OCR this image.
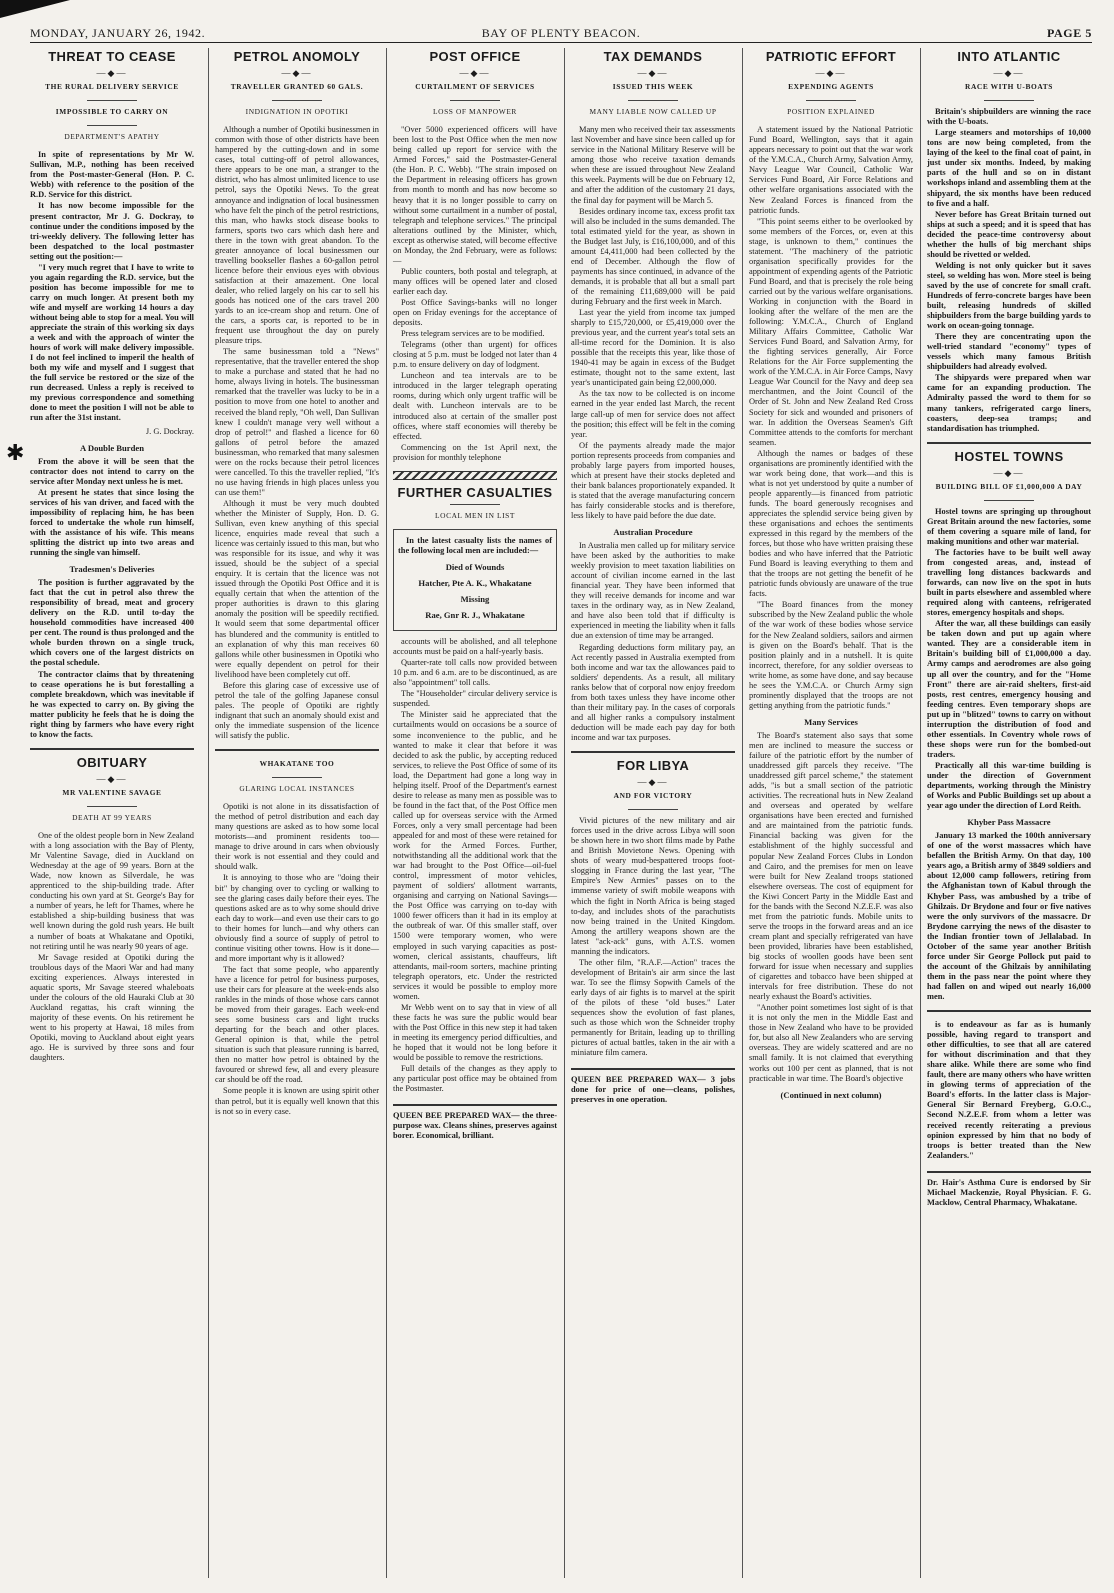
MONDAY, JANUARY 26, 1942.	BAY OF PLENTY BEACON.	PAGE 5
✱
THREAT TO CEASE
—◆—
THE RURAL DELIVERY SERVICE
IMPOSSIBLE TO CARRY ON
DEPARTMENT'S APATHY

In spite of representations by Mr W. Sullivan, M.P., nothing has been received from the Post-master-General (Hon. P. C. Webb) with reference to the position of the R.D. Service for this district.

It has now become impossible for the present contractor, Mr J. G. Dockray, to continue under the conditions imposed by the tri-weekly delivery. The following letter has been despatched to the local postmaster setting out the position:—

"I very much regret that I have to write to you again regarding the R.D. service, but the position has become impossible for me to carry on much longer. At present both my wife and myself are working 14 hours a day without being able to stop for a meal. You will appreciate the strain of this working six days a week and with the approach of winter the hours of work will make delivery impossible. I do not feel inclined to imperil the health of both my wife and myself and I suggest that the full service be restored or the size of the run decreased. Unless a reply is received to my previous correspondence and something done to meet the position I will not be able to run after the 31st instant.

J. G. Dockray.
A Double Burden

From the above it will be seen that the contractor does not intend to carry on the service after Monday next unless he is met.

At present he states that since losing the services of his van driver, and faced with the impossibility of replacing him, he has been forced to undertake the whole run himself, with the assistance of his wife. This means splitting the district up into two areas and running the single van himself.

Tradesmen's Deliveries

The position is further aggravated by the fact that the cut in petrol also threw the responsibility of bread, meat and grocery delivery on the R.D. until to-day the household commodities have increased 400 per cent. The round is thus prolonged and the whole burden thrown on a single truck, which covers one of the largest districts on the postal schedule.

The contractor claims that by threatening to cease operations he is but forestalling a complete breakdown, which was inevitable if he was expected to carry on. By giving the matter publicity he feels that he is doing the right thing by farmers who have every right to know the facts.

OBITUARY
—◆—
MR VALENTINE SAVAGE
DEATH AT 99 YEARS

One of the oldest people born in New Zealand with a long association with the Bay of Plenty, Mr Valentine Savage, died in Auckland on Wednesday at the age of 99 years. Born at the Wade, now known as Silverdale, he was apprenticed to the ship-building trade. After conducting his own yard at St. George's Bay for a number of years, he left for Thames, where he established a ship-building business that was well known during the gold rush years. He built a number of boats at Whakatane and Opotiki, not retiring until he was nearly 90 years of age.

Mr Savage resided at Opotiki during the troublous days of the Maori War and had many exciting experiences. Always interested in aquatic sports, Mr Savage steered whaleboats under the colours of the old Hauraki Club at 30 Auckland regattas, his craft winning the majority of these events. On his retirement he went to his property at Hawai, 18 miles from Opotiki, moving to Auckland about eight years ago. He is survived by three sons and four daughters.

PETROL ANOMOLY
—◆—
TRAVELLER GRANTED 60 GALS.
INDIGNATION IN OPOTIKI

Although a number of Opotiki businessmen in common with those of other districts have been hampered by the cutting-down and in some cases, total cutting-off of petrol allowances, there appears to be one man, a stranger to the district, who has almost unlimited licence to use petrol, says the Opotiki News. To the great annoyance and indignation of local businessmen who have felt the pinch of the petrol restrictions, this man, who hawks stock disease books to farmers, sports two cars which dash here and there in the town with great abandon. To the greater annoyance of local businessmen our travelling bookseller flashes a 60-gallon petrol licence before their envious eyes with obvious satisfaction at their amazement. One local dealer, who relied largely on his car to sell his goods has noticed one of the cars travel 200 yards to an ice-cream shop and return. One of the cars, a sports car, is reported to be in frequent use throughout the day on purely pleasure trips.

The same businessman told a "News" representative, that the traveller entered the shop to make a purchase and stated that he had no home, always living in hotels. The businessman remarked that the traveller was lucky to be in a position to move from one hotel to another and received the bland reply, "Oh well, Dan Sullivan knew I couldn't manage very well without a drop of petrol!" and flashed a licence for 60 gallons of petrol before the amazed businessman, who remarked that many salesmen were on the rocks because their petrol licences were cancelled. To this the traveller replied, "It's no use having friends in high places unless you can use them!"

Although it must be very much doubted whether the Minister of Supply, Hon. D. G. Sullivan, even knew anything of this special licence, enquiries made reveal that such a licence was certainly issued to this man, but who was responsible for its issue, and why it was issued, should be the subject of a special enquiry. It is certain that the licence was not issued through the Opotiki Post Office and it is equally certain that when the attention of the proper authorities is drawn to this glaring anomaly the position will be speedily rectified. It would seem that some departmental officer has blundered and the community is entitled to an explanation of why this man receives 60 gallons while other businessmen in Opotiki who were equally dependent on petrol for their livelihood have been completely cut off.

Before this glaring case of excessive use of petrol the tale of the golfing Japanese consul pales. The people of Opotiki are rightly indignant that such an anomaly should exist and only the immediate suspension of the licence will satisfy the public.

WHAKATANE TOO
GLARING LOCAL INSTANCES

Opotiki is not alone in its dissatisfaction of the method of petrol distribution and each day many questions are asked as to how some local motorists—and prominent residents too—manage to drive around in cars when obviously their work is not essential and they could and should walk.

It is annoying to those who are "doing their bit" by changing over to cycling or walking to see the glaring cases daily before their eyes. The questions asked are as to why some should drive each day to work—and even use their cars to go to their homes for lunch—and why others can obviously find a source of supply of petrol to continue visiting other towns. How is it done—and more important why is it allowed?

The fact that some people, who apparently have a licence for petrol for business purposes, use their cars for pleasure at the week-ends also rankles in the minds of those whose cars cannot be moved from their garages. Each week-end sees some business cars and light trucks departing for the beach and other places. General opinion is that, while the petrol situation is such that pleasure running is barred, then no matter how petrol is obtained by the favoured or shrewd few, all and every pleasure car should be off the road.

Some people it is known are using spirit other than petrol, but it is equally well known that this is not so in every case.

POST OFFICE
—◆—
CURTAILMENT OF SERVICES
LOSS OF MANPOWER

"Over 5000 experienced officers will have been lost to the Post Office when the men now being called up report for service with the Armed Forces," said the Postmaster-General (the Hon. P. C. Webb). "The strain imposed on the Department in releasing officers has grown from month to month and has now become so heavy that it is no longer possible to carry on without some curtailment in a number of postal, telegraph and telephone services." The principal alterations outlined by the Minister, which, except as otherwise stated, will become effective on Monday, the 2nd February, were as follows:—

Public counters, both postal and telegraph, at many offices will be opened later and closed earlier each day.

Post Office Savings-banks will no longer open on Friday evenings for the acceptance of deposits.

Press telegram services are to be modified.

Telegrams (other than urgent) for offices closing at 5 p.m. must be lodged not later than 4 p.m. to ensure delivery on day of lodgment.

Luncheon and tea intervals are to be introduced in the larger telegraph operating rooms, during which only urgent traffic will be dealt with. Luncheon intervals are to be introduced also at certain of the smaller post offices, where staff economies will thereby be effected.

Commencing on the 1st April next, the provision for monthly telephone

FURTHER CASUALTIES
LOCAL MEN IN LIST

In the latest casualty lists the names of the following local men are included:—

Died of Wounds
Hatcher, Pte A. K., Whakatane
Missing
Rae, Gnr R. J., Whakatane

accounts will be abolished, and all telephone accounts must be paid on a half-yearly basis.

Quarter-rate toll calls now provided between 10 p.m. and 6 a.m. are to be discontinued, as are also "appointment" toll calls.

The "Householder" circular delivery service is suspended.

The Minister said he appreciated that the curtailments would on occasions be a source of some inconvenience to the public, and he wanted to make it clear that before it was decided to ask the public, by accepting reduced services, to relieve the Post Office of some of its load, the Department had gone a long way in helping itself. Proof of the Department's earnest desire to release as many men as possible was to be found in the fact that, of the Post Office men called up for overseas service with the Armed Forces, only a very small percentage had been appealed for and most of these were retained for work for the Armed Forces. Further, notwithstanding all the additional work that the war had brought to the Post Office—oil-fuel control, impressment of motor vehicles, payment of soldiers' allotment warrants, organising and carrying on National Savings—the Post Office was carrying on to-day with 1000 fewer officers than it had in its employ at the outbreak of war. Of this smaller staff, over 1500 were temporary women, who were employed in such varying capacities as post-women, clerical assistants, chauffeurs, lift attendants, mail-room sorters, machine printing telegraph operators, etc. Under the restricted services it would be possible to employ more women.

Mr Webb went on to say that in view of all these facts he was sure the public would bear with the Post Office in this new step it had taken in meeting its emergency period difficulties, and he hoped that it would not be long before it would be possible to remove the restrictions.

Full details of the changes as they apply to any particular post office may be obtained from the Postmaster.

QUEEN BEE PREPARED WAX— the three-purpose wax. Cleans shines, preserves against borer. Economical, brilliant.
TAX DEMANDS
—◆—
ISSUED THIS WEEK
MANY LIABLE NOW CALLED UP

Many men who received their tax assessments last November and have since been called up for service in the National Military Reserve will be among those who receive taxation demands when these are issued throughout New Zealand this week. Payments will be due on February 12, and after the addition of the customary 21 days, the final day for payment will be March 5.

Besides ordinary income tax, excess profit tax will also be included in the sums demanded. The total estimated yield for the year, as shown in the Budget last July, is £16,100,000, and of this amount £4,411,000 had been collected by the end of December. Although the flow of payments has since continued, in advance of the demands, it is probable that all but a small part of the remaining £11,689,000 will be paid during February and the first week in March.

Last year the yield from income tax jumped sharply to £15,720,000, or £5,419,000 over the previous year, and the current year's total sets an all-time record for the Dominion. It is also possible that the receipts this year, like those of 1940-41 may be again in excess of the Budget estimate, thought not to the same extent, last year's unanticipated gain being £2,000,000.

As the tax now to be collected is on income earned in the year ended last March, the recent large call-up of men for service does not affect the position; this effect will be felt in the coming year.

Of the payments already made the major portion represents proceeds from companies and probably large payers from imported houses, which at present have their stocks depleted and their bank balances proportionately expanded. It is stated that the average manufacturing concern has fairly considerable stocks and is therefore, less likely to have paid before the due date.

Australian Procedure

In Australia men called up for military service have been asked by the authorities to make weekly provision to meet taxation liabilities on account of civilian income earned in the last financial year. They have been informed that they will receive demands for income and war taxes in the ordinary way, as in New Zealand, and have also been told that if difficulty is experienced in meeting the liability when it falls due an extension of time may be arranged.

Regarding deductions form military pay, an Act recently passed in Australia exempted from both income and war tax the allowances paid to soldiers' dependents. As a result, all military ranks below that of corporal now enjoy freedom from both taxes unless they have income other than their military pay. In the cases of corporals and all higher ranks a compulsory instalment deduction will be made each pay day for both income and war tax purposes.

FOR LIBYA
—◆—
AND FOR VICTORY

Vivid pictures of the new military and air forces used in the drive across Libya will soon be shown here in two short films made by Pathe and British Movietone News. Opening with shots of weary mud-bespattered troops foot-slogging in France during the last year, "The Empire's New Armies" passes on to the immense variety of swift mobile weapons with which the fight in North Africa is being staged to-day, and includes shots of the parachutists now being trained in the United Kingdom. Among the artillery weapons shown are the latest "ack-ack" guns, with A.T.S. women manning the indicators.

The other film, "R.A.F.—Action" traces the development of Britain's air arm since the last war. To see the flimsy Sopwith Camels of the early days of air fights is to marvel at the spirit of the pilots of these "old buses." Later sequences show the evolution of fast planes, such as those which won the Schneider trophy permanently for Britain, leading up to thrilling pictures of actual battles, taken in the air with a miniature film camera.

QUEEN BEE PREPARED WAX— 3 jobs done for price of one—cleans, polishes, preserves in one operation.
PATRIOTIC EFFORT
—◆—
EXPENDING AGENTS
POSITION EXPLAINED

A statement issued by the National Patriotic Fund Board, Wellington, says that it again appears necessary to point out that the war work of the Y.M.C.A., Church Army, Salvation Army, Navy League War Council, Catholic War Services Fund Board, Air Force Relations and other welfare organisations associated with the New Zealand Forces is financed from the patriotic funds.

"This point seems either to be overlooked by some members of the Forces, or, even at this stage, is unknown to them," continues the statement. "The machinery of the patriotic organisation specifically provides for the appointment of expending agents of the Patriotic Fund Board, and that is precisely the role being carried out by the various welfare organisations. Working in conjunction with the Board in looking after the welfare of the men are the following: Y.M.C.A., Church of England Military Affairs Committee, Catholic War Services Fund Board, and Salvation Army, for the fighting services generally, Air Force Relations for the Air Force supplementing the work of the Y.M.C.A. in Air Force Camps, Navy League War Council for the Navy and deep sea merchantmen, and the Joint Council of the Order of St. John and New Zealand Red Cross Society for sick and wounded and prisoners of war. In addition the Overseas Seamen's Gift Committee attends to the comforts for merchant seamen.

Although the names or badges of these organisations are prominently identified with the war work being done, that work—and this is what is not yet understood by quite a number of people apparently—is financed from patriotic funds. The board generously recognises and appreciates the splendid service being given by these organisations and echoes the sentiments expressed in this regard by the members of the forces, but those who have written praising these bodies and who have inferred that the Patriotic Fund Board is leaving everything to them and that the troops are not getting the benefit of he patriotic funds obviously are unaware of the true facts.

"The Board finances from the money subscribed by the New Zealand public the whole of the war work of these bodies whose service for the New Zealand soldiers, sailors and airmen is given on the Board's behalf. That is the position plainly and in a nutshell. It is quite incorrect, therefore, for any soldier overseas to write home, as some have done, and say because he sees the Y.M.C.A. or Church Army sign prominently displayed that the troops are not getting anything from the patriotic funds."

Many Services

The Board's statement also says that some men are inclined to measure the success or failure of the patriotic effort by the number of unaddressed gift parcels they receive. "The unaddressed gift parcel scheme," the statement adds, "is but a small section of the patriotic activities. The recreational huts in New Zealand and overseas and operated by welfare organisations have been erected and furnished and are maintained from the patriotic funds. Financial backing was given for the establishment of the highly successful and popular New Zealand Forces Clubs in London and Cairo, and the premises for men on leave were built for New Zealand troops stationed elsewhere overseas. The cost of equipment for the Kiwi Concert Party in the Middle East and for the bands with the Second N.Z.E.F. was also met from the patriotic funds. Mobile units to serve the troops in the forward areas and an ice cream plant and specially refrigerated van have been provided, libraries have been established, big stocks of woollen goods have been sent forward for issue when necessary and supplies of cigarettes and tobacco have been shipped at intervals for free distribution. These do not nearly exhaust the Board's activities.

"Another point sometimes lost sight of is that it is not only the men in the Middle East and those in New Zealand who have to be provided for, but also all New Zealanders who are serving overseas. They are widely scattered and are no small family. It is not claimed that everything works out 100 per cent as planned, that is not practicable in war time. The Board's objective

(Continued in next column)
INTO ATLANTIC
—◆—
RACE WITH U-BOATS

Britain's shipbuilders are winning the race with the U-boats.

Large steamers and motorships of 10,000 tons are now being completed, from the laying of the keel to the final coat of paint, in just under six months. Indeed, by making parts of the hull and so on in distant workshops inland and assembling them at the shipyard, the six months have been reduced to five and a half.

Never before has Great Britain turned out ships at such a speed; and it is speed that has decided the peace-time controversy about whether the hulls of big merchant ships should be rivetted or welded.

Welding is not only quicker but it saves steel, so welding has won. More steel is being saved by the use of concrete for small craft. Hundreds of ferro-concrete barges have been built, releasing hundreds of skilled shipbuilders from the barge building yards to work on ocean-going tonnage.

There they are concentrating upon the well-tried standard "economy" types of vessels which many famous British shipbuilders had already evolved.

The shipyards were prepared when war came for an expanding production. The Admiralty passed the word to them for so many tankers, refrigerated cargo liners, coasters, deep-sea tramps; and standardisation has triumphed.

HOSTEL TOWNS
—◆—
BUILDING BILL OF £1,000,000 A DAY

Hostel towns are springing up throughout Great Britain around the new factories, some of them covering a square mile of land, for making munitions and other war material.

The factories have to be built well away from congested areas, and, instead of travelling long distances backwards and forwards, can now live on the spot in huts built in parts elsewhere and assembled where required along with canteens, refrigerated stores, emergency hospitals and shops.

After the war, all these buildings can easily be taken down and put up again where wanted. They are a considerable item in Britain's building bill of £1,000,000 a day. Army camps and aerodromes are also going up all over the country, and for the "Home Front" there are air-raid shelters, first-aid posts, rest centres, emergency housing and feeding centres. Even temporary shops are put up in "blitzed" towns to carry on without interruption the distribution of food and other essentials. In Coventry whole rows of these shops were run for the bombed-out traders.

Practically all this war-time building is under the direction of Government departments, working through the Ministry of Works and Public Buildings set up about a year ago under the direction of Lord Reith.

Khyber Pass Massacre

January 13 marked the 100th anniversary of one of the worst massacres which have befallen the British Army. On that day, 100 years ago, a British army of 3849 soldiers and about 12,000 camp followers, retiring from the Afghanistan town of Kabul through the Khyber Pass, was ambushed by a tribe of Ghilzais. Dr Brydone and four or five natives were the only survivors of the massacre. Dr Brydone carrying the news of the disaster to the Indian frontier town of Jellalabad. In October of the same year another British force under Sir George Pollock put paid to the account of the Ghilzais by annihilating them in the pass near the point where they had fallen on and wiped out nearly 16,000 men.

is to endeavour as far as is humanly possible, having regard to transport and other difficulties, to see that all are catered for without discrimination and that they share alike. While there are some who find fault, there are many others who have written in glowing terms of appreciation of the Board's efforts. In the latter class is Major-General Sir Bernard Freyberg, G.O.C., Second N.Z.E.F. from whom a letter was received recently reiterating a previous opinion expressed by him that no body of troops is better treated than the New Zealanders."

Dr. Hair's Asthma Cure is endorsed by Sir Michael Mackenzie, Royal Physician. F. G. Macklow, Central Pharmacy, Whakatane.
